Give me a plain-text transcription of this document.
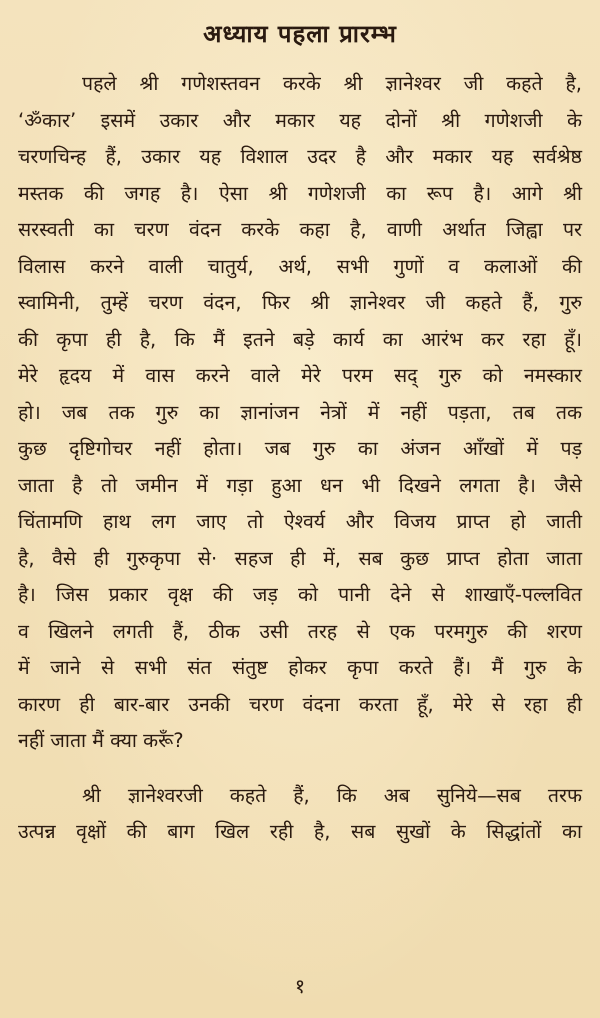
अध्याय पहला प्रारम्भ
पहले श्री गणेशस्तवन करके श्री ज्ञानेश्वर जी कहते है,
‘ॐकार’ इसमें उकार और मकार यह दोनों श्री गणेशजी के
चरणचिन्ह हैं, उकार यह विशाल उदर है और मकार यह सर्वश्रेष्ठ
मस्तक की जगह है। ऐसा श्री गणेशजी का रूप है। आगे श्री
सरस्वती का चरण वंदन करके कहा है, वाणी अर्थात जिह्वा पर
विलास करने वाली चातुर्य, अर्थ, सभी गुणों व कलाओं की
स्वामिनी, तुम्हें चरण वंदन, फिर श्री ज्ञानेश्वर जी कहते हैं, गुरु
की कृपा ही है, कि मैं इतने बड़े कार्य का आरंभ कर रहा हूँ।
मेरे हृदय में वास करने वाले मेरे परम सद् गुरु को नमस्कार
हो। जब तक गुरु का ज्ञानांजन नेत्रों में नहीं पड़ता, तब तक
कुछ दृष्टिगोचर नहीं होता। जब गुरु का अंजन आँखों में पड़
जाता है तो जमीन में गड़ा हुआ धन भी दिखने लगता है। जैसे
चिंतामणि हाथ लग जाए तो ऐश्वर्य और विजय प्राप्त हो जाती
है, वैसे ही गुरुकृपा से· सहज ही में, सब कुछ प्राप्त होता जाता
है। जिस प्रकार वृक्ष की जड़ को पानी देने से शाखाएँ-पल्लवित
व खिलने लगती हैं, ठीक उसी तरह से एक परमगुरु की शरण
में जाने से सभी संत संतुष्ट होकर कृपा करते हैं। मैं गुरु के
कारण ही बार-बार उनकी चरण वंदना करता हूँ, मेरे से रहा ही
नहीं जाता मैं क्या करूँ?
श्री ज्ञानेश्वरजी कहते हैं, कि अब सुनिये—सब तरफ
उत्पन्न वृक्षों की बाग खिल रही है, सब सुखों के सिद्धांतों का
१
